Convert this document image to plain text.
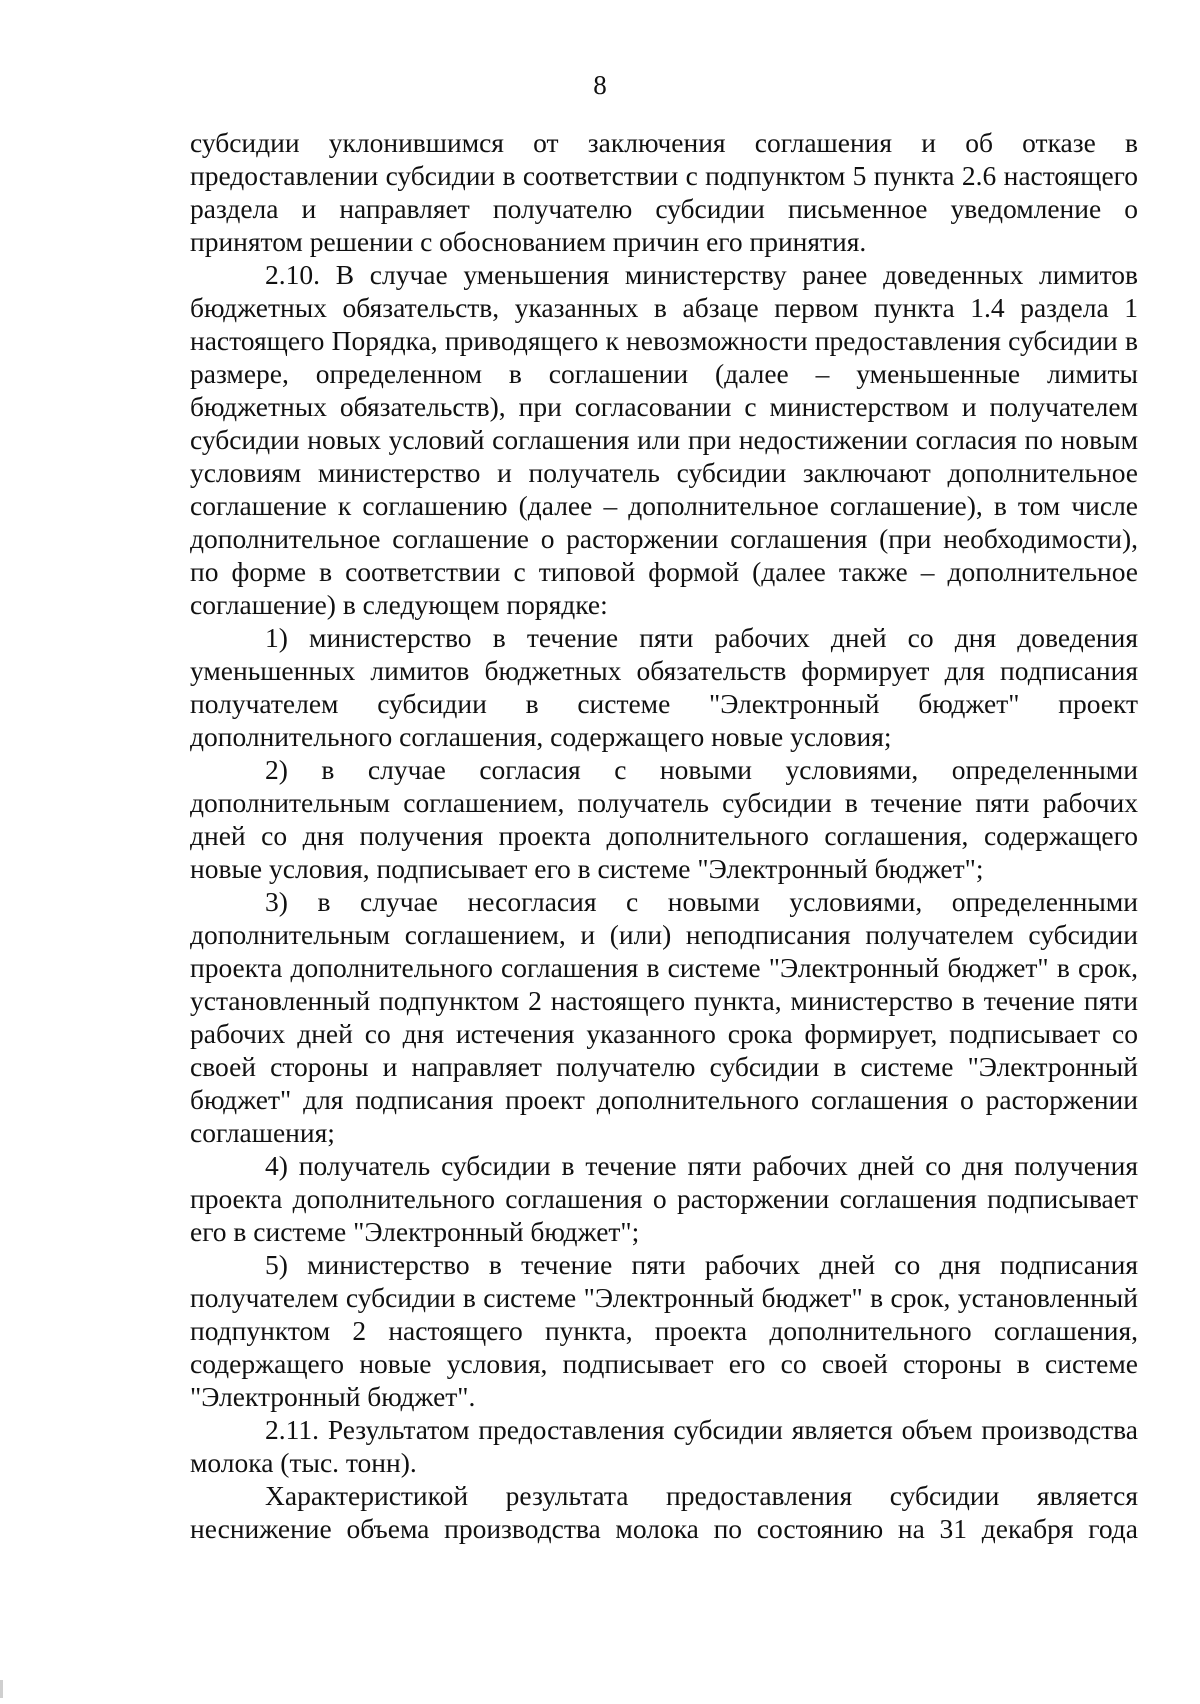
8

субсидии уклонившимся от заключения соглашения и об отказе в предоставлении субсидии в соответствии с подпунктом 5 пункта 2.6 настоящего раздела и направляет получателю субсидии письменное уведомление о принятом решении с обоснованием причин его принятия.

2.10. В случае уменьшения министерству ранее доведенных лимитов бюджетных обязательств, указанных в абзаце первом пункта 1.4 раздела 1 настоящего Порядка, приводящего к невозможности предоставления субсидии в размере, определенном в соглашении (далее – уменьшенные лимиты бюджетных обязательств), при согласовании с министерством и получателем субсидии новых условий соглашения или при недостижении согласия по новым условиям министерство и получатель субсидии заключают дополнительное соглашение к соглашению (далее – дополнительное соглашение), в том числе дополнительное соглашение о расторжении соглашения (при необходимости), по форме в соответствии с типовой формой (далее также – дополнительное соглашение) в следующем порядке:

1) министерство в течение пяти рабочих дней со дня доведения уменьшенных лимитов бюджетных обязательств формирует для подписания получателем субсидии в системе "Электронный бюджет" проект дополнительного соглашения, содержащего новые условия;

2) в случае согласия с новыми условиями, определенными дополнительным соглашением, получатель субсидии в течение пяти рабочих дней со дня получения проекта дополнительного соглашения, содержащего новые условия, подписывает его в системе "Электронный бюджет";

3) в случае несогласия с новыми условиями, определенными дополнительным соглашением, и (или) неподписания получателем субсидии проекта дополнительного соглашения в системе "Электронный бюджет" в срок, установленный подпунктом 2 настоящего пункта, министерство в течение пяти рабочих дней со дня истечения указанного срока формирует, подписывает со своей стороны и направляет получателю субсидии в системе "Электронный бюджет" для подписания проект дополнительного соглашения о расторжении соглашения;

4) получатель субсидии в течение пяти рабочих дней со дня получения проекта дополнительного соглашения о расторжении соглашения подписывает его в системе "Электронный бюджет";

5) министерство в течение пяти рабочих дней со дня подписания получателем субсидии в системе "Электронный бюджет" в срок, установленный подпунктом 2 настоящего пункта, проекта дополнительного соглашения, содержащего новые условия, подписывает его со своей стороны в системе "Электронный бюджет".

2.11. Результатом предоставления субсидии является объем производства молока (тыс. тонн).

Характеристикой результата предоставления субсидии является неснижение объема производства молока по состоянию на 31 декабря года
